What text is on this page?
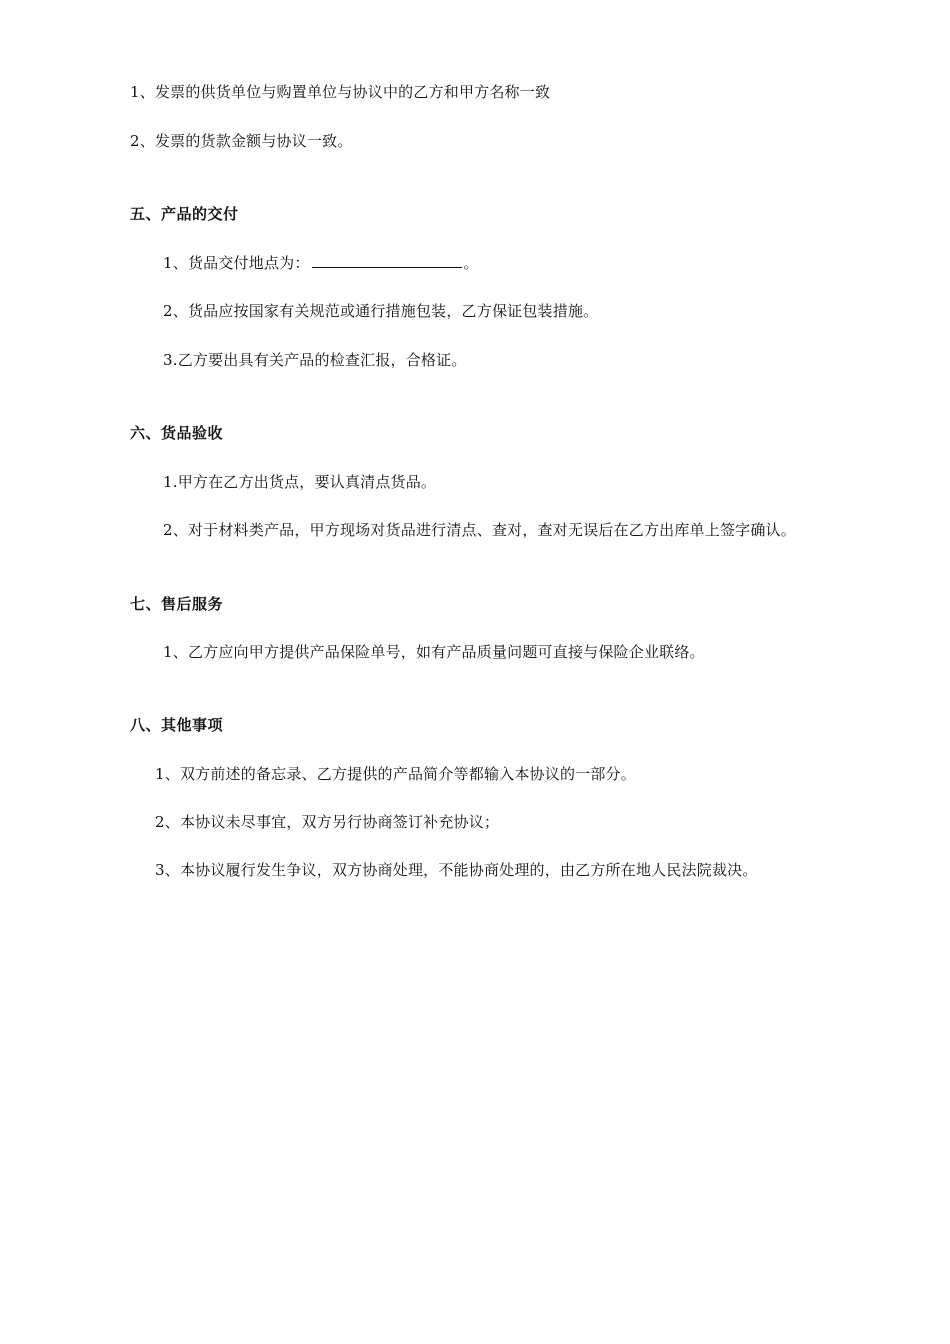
1、发票的供货单位与购置单位与协议中的乙方和甲方名称一致
2、发票的货款金额与协议一致。
五、产品的交付
1、货品交付地点为：	。
2、货品应按国家有关规范或通行措施包装，乙方保证包装措施。
3.乙方要出具有关产品的检查汇报，合格证。
六、货品验收
1.甲方在乙方出货点，要认真清点货品。
2、对于材料类产品，甲方现场对货品进行清点、查对，查对无误后在乙方出库单上签字确认。
七、售后服务
1、乙方应向甲方提供产品保险单号，如有产品质量问题可直接与保险企业联络。
八、其他事项
1、双方前述的备忘录、乙方提供的产品简介等都输入本协议的一部分。
2、本协议未尽事宜，双方另行协商签订补充协议；
3、本协议履行发生争议，双方协商处理，不能协商处理的，由乙方所在地人民法院裁决。
